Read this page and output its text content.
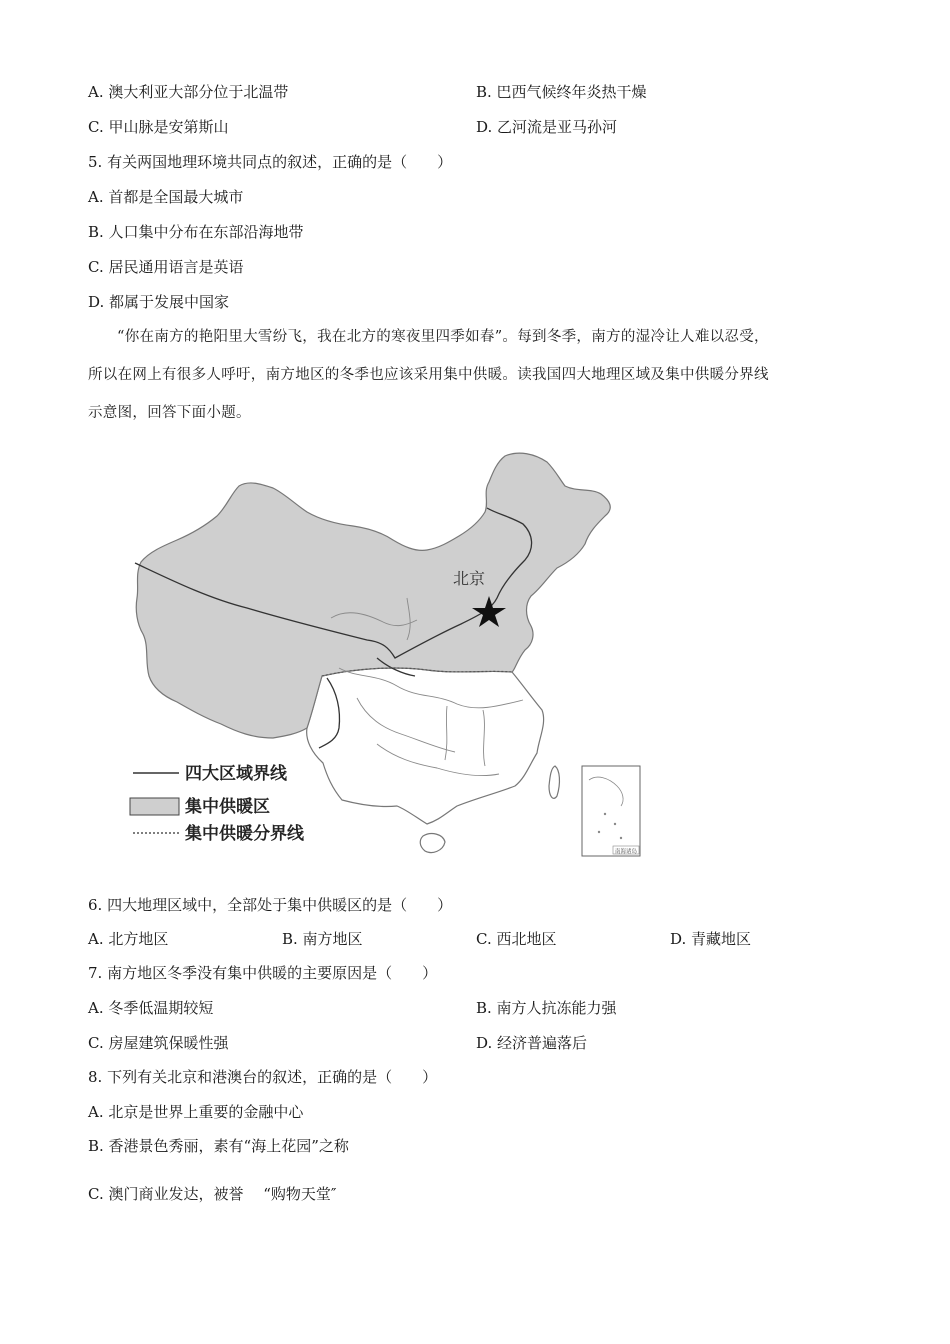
A. 澳大利亚大部分位于北温带	B. 巴西气候终年炎热干燥
C. 甲山脉是安第斯山	D. 乙河流是亚马孙河
5. 有关两国地理环境共同点的叙述，正确的是（　　）
A. 首都是全国最大城市
B. 人口集中分布在东部沿海地带
C. 居民通用语言是英语
D. 都属于发展中国家

“你在南方的艳阳里大雪纷飞，我在北方的寒夜里四季如春”。每到冬季，南方的湿冷让人难以忍受，

所以在网上有很多人呼吁，南方地区的冬季也应该采用集中供暖。读我国四大地理区域及集中供暖分界线

示意图，回答下面小题。

北京
四大区域界线
集中供暖区
集中供暖分界线
南海诸岛
6. 四大地理区域中，全部处于集中供暖区的是（　　）
A. 北方地区	B. 南方地区	C. 西北地区	D. 青藏地区
7. 南方地区冬季没有集中供暖的主要原因是（　　）
A. 冬季低温期较短	B. 南方人抗冻能力强
C. 房屋建筑保暖性强	D. 经济普遍落后
8. 下列有关北京和港澳台的叙述，正确的是（　　）
A. 北京是世界上重要的金融中心
B. 香港景色秀丽，素有“海上花园”之称
C. 澳门商业发达，被誉　 “购物天堂″
